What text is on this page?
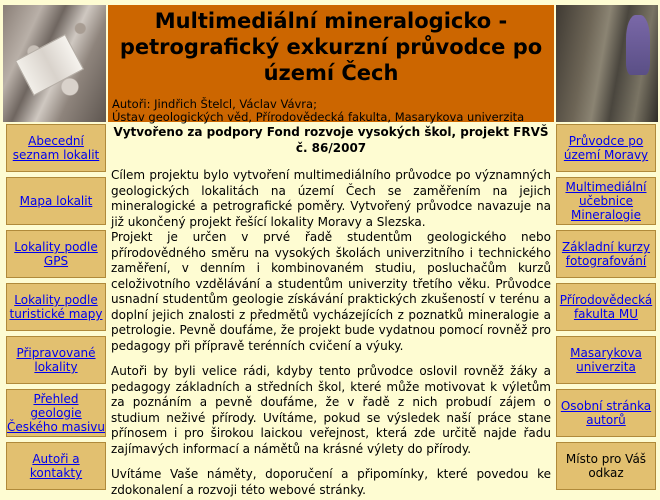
Multimediální mineralogicko - petrografický exkurzní průvodce po území Čech
Autoři: Jindřich Štelcl, Václav Vávra;
Ústav geologických věd, Přírodovědecká fakulta, Masarykova univerzita
Abecední seznam lokalit
Mapa lokalit
Lokality podle GPS
Lokality podle turistické mapy
Připravované lokality
Přehled geologie Českého masivu
Autoři a kontakty
Průvodce po území Moravy
Multimediální učebnice Mineralogie
Základní kurzy fotografování
Přírodovědecká fakulta MU
Masarykova univerzita
Osobní stránka autorů
Místo pro Váš odkaz
Vytvořeno za podpory Fond rozvoje vysokých škol, projekt FRVŠ č. 86/2007

Cílem projektu bylo vytvoření multimediálního průvodce po významných geologických lokalitách na území Čech se zaměřením na jejich mineralogické a petrografické poměry. Vytvořený průvodce navazuje na již ukončený projekt řešící lokality Moravy a Slezska.

Projekt je určen v prvé řadě studentům geologického nebo přírodovědného směru na vysokých školách univerzitního i technického zaměření, v denním i kombinovaném studiu, posluchačům kurzů celoživotního vzdělávání a studentům univerzity třetího věku. Průvodce usnadní studentům geologie získávání praktických zkušeností v terénu a doplní jejich znalosti z předmětů vycházejících z poznatků mineralogie a petrologie. Pevně doufáme, že projekt bude vydatnou pomocí rovněž pro pedagogy při přípravě terénních cvičení a výuky.

Autoři by byli velice rádi, kdyby tento průvodce oslovil rovněž žáky a pedagogy základních a středních škol, které může motivovat k výletům za poznáním a pevně doufáme, že v řadě z nich probudí zájem o studium neživé přírody. Uvítáme, pokud se výsledek naší práce stane přínosem i pro širokou laickou veřejnost, která zde určitě najde řadu zajímavých informací a námětů na krásné výlety do přírody.

Uvítáme Vaše náměty, doporučení a připomínky, které povedou ke zdokonalení a rozvoji této webové stránky.
